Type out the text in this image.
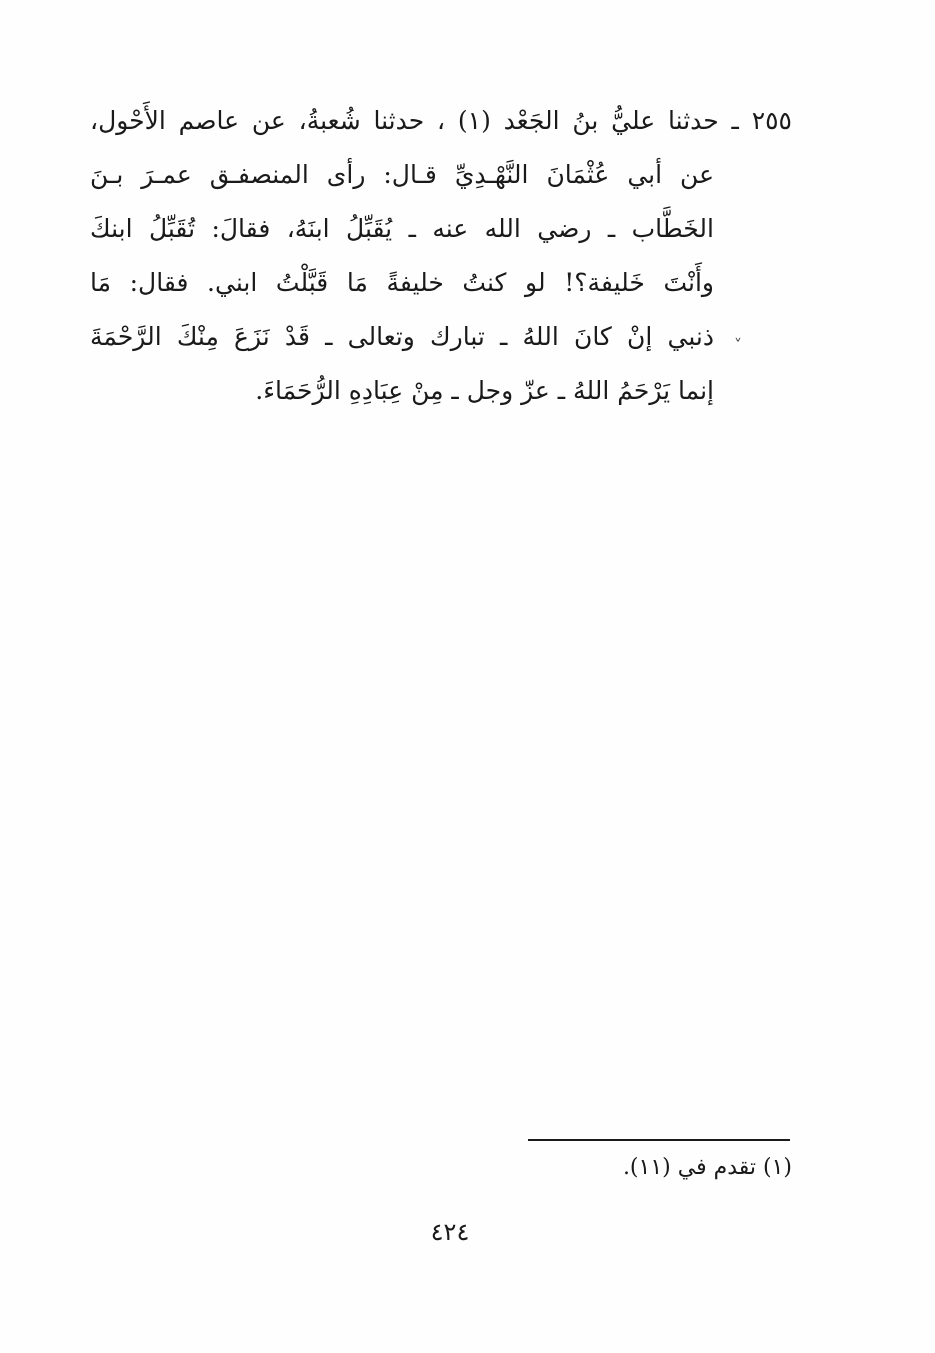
٢٥٥ ـ حدثنا عليُّ بنُ الجَعْد (١) ، حدثنا شُعبةُ، عن عاصم الأَحْول،
عن أبي عُثْمَانَ النَّهْـدِيِّ قـال: رأى المنصفـق عمـرَ بـنَ
الخَطَّاب ـ رضي الله عنه ـ يُقَبِّلُ ابنَهُ، فقالَ: تُقَبِّلُ ابنكَ
وأَنْتَ خَليفة؟! لو كنتُ خليفةً مَا قَبَّلْتُ ابني. فقال: مَا
ذنبي إنْ كانَ اللهُ ـ تبارك وتعالى ـ قَدْ نَزَعَ مِنْكَ الرَّحْمَةَ
إنما يَرْحَمُ اللهُ ـ عزّ وجل ـ مِنْ عِبَادِهِ الرُّحَمَاءَ.
ˬ
(١) تقدم في (١١).
٤٢٤
